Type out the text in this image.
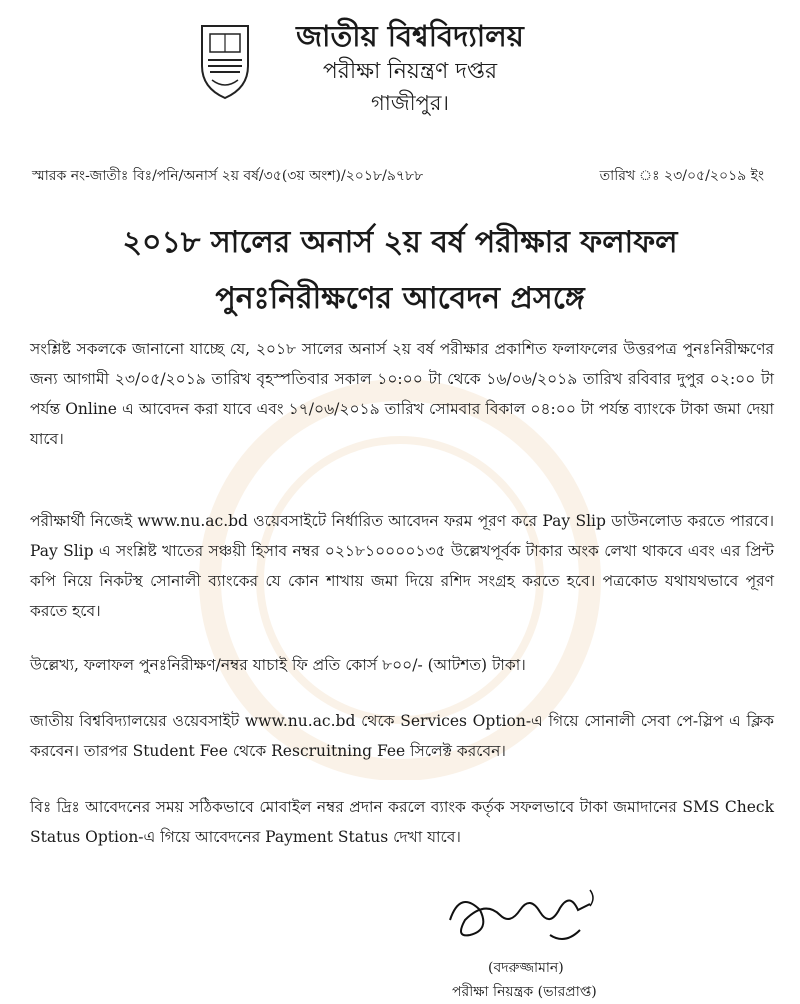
জাতীয় বিশ্ববিদ্যালয়
পরীক্ষা নিয়ন্ত্রণ দপ্তর
গাজীপুর।
স্মারক নং-জাতীঃ বিঃ/পনি/অনার্স ২য় বর্ষ/৩৫(৩য় অংশ)/২০১৮/৯৭৮৮	তারিখ ঃ ২৩/০৫/২০১৯ ইং
২০১৮ সালের অনার্স ২য় বর্ষ পরীক্ষার ফলাফল
পুনঃনিরীক্ষণের আবেদন প্রসঙ্গে
সংশ্লিষ্ট সকলকে জানানো যাচ্ছে যে, ২০১৮ সালের অনার্স ২য় বর্ষ পরীক্ষার প্রকাশিত ফলাফলের উত্তরপত্র পুনঃনিরীক্ষণের জন্য আগামী ২৩/০৫/২০১৯ তারিখ বৃহস্পতিবার সকাল ১০:০০ টা থেকে ১৬/০৬/২০১৯ তারিখ রবিবার দুপুর ০২:০০ টা পর্যন্ত Online এ আবেদন করা যাবে এবং ১৭/০৬/২০১৯ তারিখ সোমবার বিকাল ০৪:০০ টা পর্যন্ত ব্যাংকে টাকা জমা দেয়া যাবে।
পরীক্ষার্থী নিজেই www.nu.ac.bd ওয়েবসাইটে নির্ধারিত আবেদন ফরম পূরণ করে Pay Slip ডাউনলোড করতে পারবে। Pay Slip এ সংশ্লিষ্ট খাতের সঞ্চয়ী হিসাব নম্বর ০২১৮১০০০০১৩৫ উল্লেখপূর্বক টাকার অংক লেখা থাকবে এবং এর প্রিন্ট কপি নিয়ে নিকটস্থ সোনালী ব্যাংকের যে কোন শাখায় জমা দিয়ে রশিদ সংগ্রহ করতে হবে। পত্রকোড যথাযথভাবে পূরণ করতে হবে।
উল্লেখ্য, ফলাফল পুনঃনিরীক্ষণ/নম্বর যাচাই ফি প্রতি কোর্স ৮০০/- (আটশত) টাকা।
জাতীয় বিশ্ববিদ্যালয়ের ওয়েবসাইট www.nu.ac.bd থেকে Services Option-এ গিয়ে সোনালী সেবা পে-স্লিপ এ ক্লিক করবেন। তারপর Student Fee থেকে Rescruitning Fee সিলেক্ট করবেন।
বিঃ দ্রিঃ আবেদনের সময় সঠিকভাবে মোবাইল নম্বর প্রদান করলে ব্যাংক কর্তৃক সফলভাবে টাকা জমাদানের SMS Check Status Option-এ গিয়ে আবেদনের Payment Status দেখা যাবে।
(বদরুজ্জামান)
পরীক্ষা নিয়ন্ত্রক (ভারপ্রাপ্ত)
